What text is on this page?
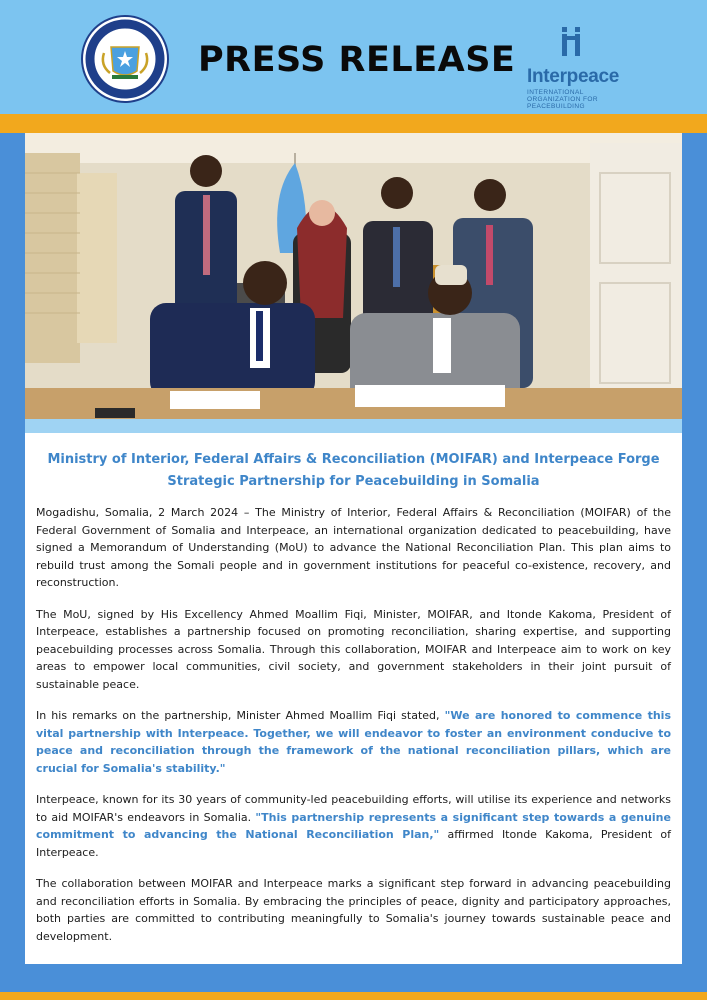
PRESS RELEASE Interpeace
INTERNATIONAL ORGANIZATION FOR PEACEBUILDING
Ministry of Interior, Federal Affairs & Reconciliation (MOIFAR) and Interpeace Forge
Strategic Partnership for Peacebuilding in Somalia

Mogadishu, Somalia, 2 March 2024 – The Ministry of Interior, Federal Affairs & Reconciliation (MOIFAR) of the Federal Government of Somalia and Interpeace, an international organization dedicated to peacebuilding, have signed a Memorandum of Understanding (MoU) to advance the National Reconciliation Plan. This plan aims to rebuild trust among the Somali people and in government institutions for peaceful co-existence, recovery, and reconstruction.

The MoU, signed by His Excellency Ahmed Moallim Fiqi, Minister, MOIFAR, and Itonde Kakoma, President of Interpeace, establishes a partnership focused on promoting reconciliation, sharing expertise, and supporting peacebuilding processes across Somalia. Through this collaboration, MOIFAR and Interpeace aim to work on key areas to empower local communities, civil society, and government stakeholders in their joint pursuit of sustainable peace.

In his remarks on the partnership, Minister Ahmed Moallim Fiqi stated, "We are honored to commence this vital partnership with Interpeace. Together, we will endeavor to foster an environment conducive to peace and reconciliation through the framework of the national reconciliation pillars, which are crucial for Somalia's stability."

Interpeace, known for its 30 years of community-led peacebuilding efforts, will utilise its experience and networks to aid MOIFAR's endeavors in Somalia. "This partnership represents a significant step towards a genuine commitment to advancing the National Reconciliation Plan," affirmed Itonde Kakoma, President of Interpeace.

The collaboration between MOIFAR and Interpeace marks a significant step forward in advancing peacebuilding and reconciliation efforts in Somalia. By embracing the principles of peace, dignity and participatory approaches, both parties are committed to contributing meaningfully to Somalia's journey towards sustainable peace and development.
